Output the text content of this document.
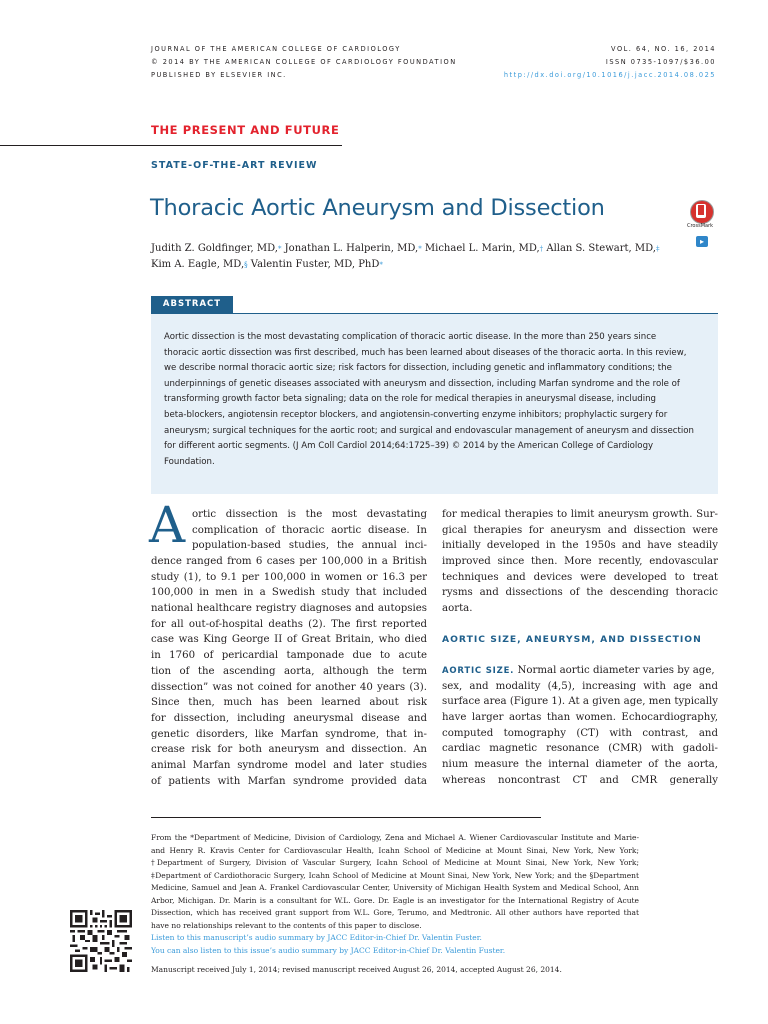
JOURNAL OF THE AMERICAN COLLEGE OF CARDIOLOGY
© 2014 BY THE AMERICAN COLLEGE OF CARDIOLOGY FOUNDATION
PUBLISHED BY ELSEVIER INC.
VOL. 64, NO. 16, 2014
ISSN 0735-1097/$36.00
http://dx.doi.org/10.1016/j.jacc.2014.08.025
THE PRESENT AND FUTURE
STATE-OF-THE-ART REVIEW
Thoracic Aortic Aneurysm and Dissection
CrossMark
▸
Judith Z. Goldfinger, MD,* Jonathan L. Halperin, MD,* Michael L. Marin, MD,† Allan S. Stewart, MD,‡
Kim A. Eagle, MD,§ Valentin Fuster, MD, PhD*
ABSTRACT
Aortic dissection is the most devastating complication of thoracic aortic disease. In the more than 250 years since
thoracic aortic dissection was first described, much has been learned about diseases of the thoracic aorta. In this review,
we describe normal thoracic aortic size; risk factors for dissection, including genetic and inflammatory conditions; the
underpinnings of genetic diseases associated with aneurysm and dissection, including Marfan syndrome and the role of
transforming growth factor beta signaling; data on the role for medical therapies in aneurysmal disease, including
beta-blockers, angiotensin receptor blockers, and angiotensin-converting enzyme inhibitors; prophylactic surgery for
aneurysm; surgical techniques for the aortic root; and surgical and endovascular management of aneurysm and dissection
for different aortic segments. (J Am Coll Cardiol 2014;64:1725–39) © 2014 by the American College of Cardiology
Foundation.
A ortic dissection is the most devastating
complication of thoracic aortic disease. In
population-based studies, the annual inci-
dence ranged from 6 cases per 100,000 in a British
study (1), to 9.1 per 100,000 in women or 16.3 per
100,000 in men in a Swedish study that included
national healthcare registry diagnoses and autopsies
for all out-of-hospital deaths (2). The first reported
case was King George II of Great Britain, who died
in 1760 of pericardial tamponade due to acute
tion of the ascending aorta, although the term
dissection” was not coined for another 40 years (3).
Since then, much has been learned about risk
for dissection, including aneurysmal disease and
genetic disorders, like Marfan syndrome, that in-
crease risk for both aneurysm and dissection. An
animal Marfan syndrome model and later studies
of patients with Marfan syndrome provided data
for medical therapies to limit aneurysm growth. Sur-
gical therapies for aneurysm and dissection were
initially developed in the 1950s and have steadily
improved since then. More recently, endovascular
techniques and devices were developed to treat
rysms and dissections of the descending thoracic
aorta.
AORTIC SIZE, ANEURYSM, AND DISSECTION
AORTIC SIZE. Normal aortic diameter varies by age,
sex, and modality (4,5), increasing with age and
surface area (Figure 1). At a given age, men typically
have larger aortas than women. Echocardiography,
computed tomography (CT) with contrast, and
cardiac magnetic resonance (CMR) with gadoli-
nium measure the internal diameter of the aorta,
whereas noncontrast CT and CMR generally
From the *Department of Medicine, Division of Cardiology, Zena and Michael A. Wiener Cardiovascular Institute and Marie-
and Henry R. Kravis Center for Cardiovascular Health, Icahn School of Medicine at Mount Sinai, New York, New York;
†Department of Surgery, Division of Vascular Surgery, Icahn School of Medicine at Mount Sinai, New York, New York;
‡Department of Cardiothoracic Surgery, Icahn School of Medicine at Mount Sinai, New York, New York; and the §Department
Medicine, Samuel and Jean A. Frankel Cardiovascular Center, University of Michigan Health System and Medical School, Ann
Arbor, Michigan. Dr. Marin is a consultant for W.L. Gore. Dr. Eagle is an investigator for the International Registry of Acute
Dissection, which has received grant support from W.L. Gore, Terumo, and Medtronic. All other authors have reported that
have no relationships relevant to the contents of this paper to disclose.
Listen to this manuscript’s audio summary by JACC Editor-in-Chief Dr. Valentin Fuster.
You can also listen to this issue’s audio summary by JACC Editor-in-Chief Dr. Valentin Fuster.
Manuscript received July 1, 2014; revised manuscript received August 26, 2014, accepted August 26, 2014.
